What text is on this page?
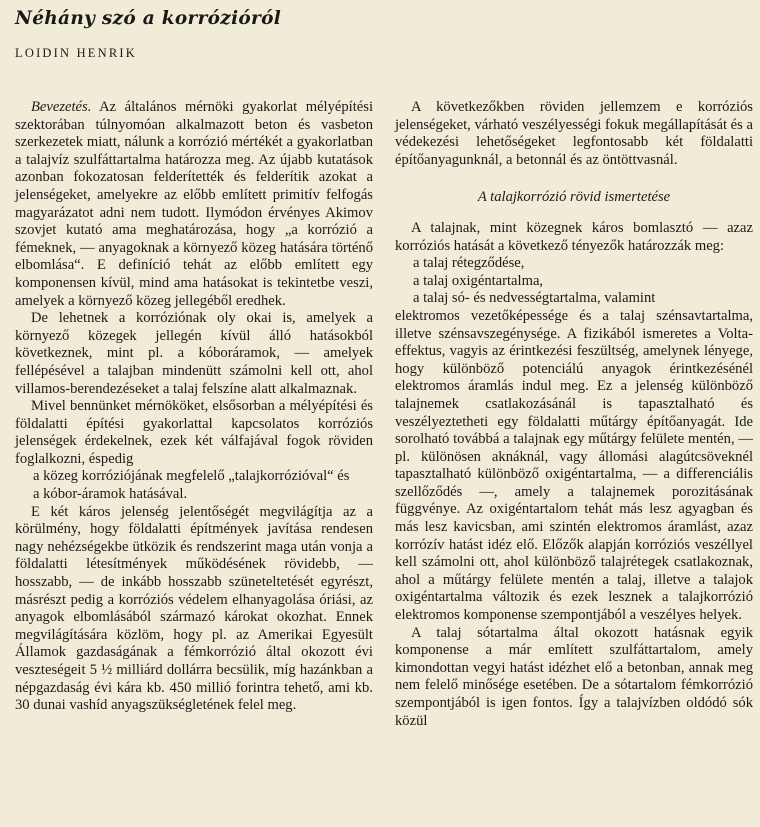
Néhány szó a korrózióról
LOIDIN HENRIK

Bevezetés. Az általános mérnöki gyakorlat mélyépítési szektorában túlnyomóan alkalmazott beton és vasbeton szerkezetek miatt, nálunk a korrózió mértékét a gyakorlatban a talajvíz szulfáttartalma határozza meg. Az újabb kutatások azonban fokozatosan felderítették és felderítik azokat a jelenségeket, amelyekre az előbb említett primitív felfogás magyarázatot adni nem tudott. Ilymódon érvényes Akimov szovjet kutató ama meghatározása, hogy „a korrózió a fémeknek, — anyagoknak a környező közeg hatására történő elbomlása“. E definíció tehát az előbb említett egy komponensen kívül, mind ama hatásokat is tekintetbe veszi, amelyek a környező közeg jellegéből eredhek.

De lehetnek a korróziónak oly okai is, amelyek a környező közegek jellegén kívül álló hatásokból következnek, mint pl. a kóboráramok, — amelyek fellépésével a talajban mindenütt számolni kell ott, ahol villamos-berendezéseket a talaj felszíne alatt alkalmaznak.

Mivel bennünket mérnököket, elsősorban a mélyépítési és földalatti építési gyakorlattal kapcsolatos korróziós jelenségek érdekelnek, ezek két válfajával fogok röviden foglalkozni, éspedig

a közeg korróziójának megfelelő „talajkorrózióval“ és

a kóbor-áramok hatásával.

E két káros jelenség jelentőségét megvilágítja az a körülmény, hogy földalatti építmények javítása rendesen nagy nehézségekbe ütközik és rendszerint maga után vonja a földalatti létesítmények működésének rövidebb, — hosszabb, — de inkább hosszabb szüneteltetését egyrészt, másrészt pedig a korróziós védelem elhanyagolása óriási, az anyagok elbomlásából származó károkat okozhat. Ennek megvilágítására közlöm, hogy pl. az Amerikai Egyesült Államok gazdaságának a fémkorrózió által okozott évi veszteségeit 5 ½ milliárd dollárra becsülik, míg hazánkban a népgazdaság évi kára kb. 450 millió forintra tehető, ami kb. 30 dunai vashíd anyagszükségletének felel meg.

A következőkben röviden jellemzem e korróziós jelenségeket, várható veszélyességi fokuk megállapítását és a védekezési lehetőségeket legfontosabb két földalatti építőanyagunknál, a betonnál és az öntöttvasnál.

A talajkorrózió rövid ismertetése

A talajnak, mint közegnek káros bomlasztó — azaz korróziós hatását a következő tényezők határozzák meg:

a talaj rétegződése,

a talaj oxigéntartalma,

a talaj só- és nedvességtartalma, valamint

elektromos vezetőképessége és a talaj szénsavtartalma, illetve szénsavszegénysége. A fizikából ismeretes a Volta-effektus, vagyis az érintkezési feszültség, amelynek lényege, hogy különböző potenciálú anyagok érintkezésénél elektromos áramlás indul meg. Ez a jelenség különböző talajnemek csatlakozásánál is tapasztalható és veszélyeztetheti egy földalatti műtárgy építőanyagát. Ide sorolható továbbá a talajnak egy műtárgy felülete mentén, — pl. különösen aknáknál, vagy állomási alagútcsöveknél tapasztalható különböző oxigéntartalma, — a differenciális szellőződés —, amely a talajnemek porozitásának függvénye. Az oxigéntartalom tehát más lesz agyagban és más lesz kavicsban, ami szintén elektromos áramlást, azaz korrózív hatást idéz elő. Előzők alapján korróziós veszéllyel kell számolni ott, ahol különböző talajrétegek csatlakoznak, ahol a műtárgy felülete mentén a talaj, illetve a talajok oxigéntartalma változik és ezek lesznek a talajkorrózió elektromos komponense szempontjából a veszélyes helyek.

A talaj sótartalma által okozott hatásnak egyik komponense a már említett szulfáttartalom, amely kimondottan vegyi hatást idézhet elő a betonban, annak meg nem felelő minősége esetében. De a sótartalom fémkorrózió szempontjából is igen fontos. Így a talajvízben oldódó sók közül
